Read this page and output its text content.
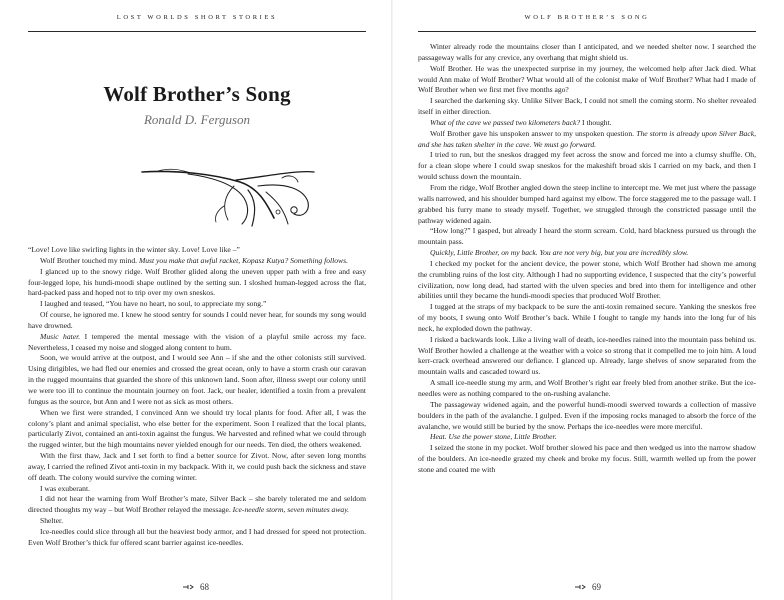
LOST WORLDS SHORT STORIES
Wolf Brother’s Song
Ronald D. Ferguson

“Love! Love like swirling lights in the winter sky. Love! Love like –”

Wolf Brother touched my mind. Must you make that awful racket, Kopasz Kutya? Something follows.

I glanced up to the snowy ridge. Wolf Brother glided along the uneven upper path with a free and easy four-legged lope, his hundi-moodi shape outlined by the setting sun. I sloshed human-legged across the flat, hard-packed pass and hoped not to trip over my own sneskos.

I laughed and teased, “You have no heart, no soul, to appreciate my song.”

Of course, he ignored me. I knew he stood sentry for sounds I could never hear, for sounds my song would have drowned.

Music hater. I tempered the mental message with the vision of a playful smile across my face. Nevertheless, I ceased my noise and slogged along content to hum.

Soon, we would arrive at the outpost, and I would see Ann – if she and the other colonists still survived. Using dirigibles, we had fled our enemies and crossed the great ocean, only to have a storm crash our caravan in the rugged mountains that guarded the shore of this unknown land. Soon after, illness swept our colony until we were too ill to continue the mountain journey on foot. Jack, our healer, identified a toxin from a prevalent fungus as the source, but Ann and I were not as sick as most others.

When we first were stranded, I convinced Ann we should try local plants for food. After all, I was the colony’s plant and animal specialist, who else better for the experiment. Soon I realized that the local plants, particularly Zivot, contained an anti-toxin against the fungus. We harvested and refined what we could through the rugged winter, but the high mountains never yielded enough for our needs. Ten died, the others weakened.

With the first thaw, Jack and I set forth to find a better source for Zivot. Now, after seven long months away, I carried the refined Zivot anti-toxin in my backpack. With it, we could push back the sickness and stave off death. The colony would survive the coming winter.

I was exuberant.

I did not hear the warning from Wolf Brother’s mate, Silver Back – she barely tolerated me and seldom directed thoughts my way – but Wolf Brother relayed the message. Ice-needle storm, seven minutes away.

Shelter.

Ice-needles could slice through all but the heaviest body armor, and I had dressed for speed not protection. Even Wolf Brother’s thick fur offered scant barrier against ice-needles.

68
WOLF BROTHER’S SONG

Winter already rode the mountains closer than I anticipated, and we needed shelter now. I searched the passageway walls for any crevice, any overhang that might shield us.

Wolf Brother. He was the unexpected surprise in my journey, the welcomed help after Jack died. What would Ann make of Wolf Brother? What would all of the colonist make of Wolf Brother? What had I made of Wolf Brother when we first met five months ago?

I searched the darkening sky. Unlike Silver Back, I could not smell the coming storm. No shelter revealed itself in either direction.

What of the cave we passed two kilometers back? I thought.

Wolf Brother gave his unspoken answer to my unspoken question. The storm is already upon Silver Back, and she has taken shelter in the cave. We must go forward.

I tried to run, but the sneskos dragged my feet across the snow and forced me into a clumsy shuffle. Oh, for a clean slope where I could swap sneskos for the makeshift broad skis I carried on my back, and then I would schuss down the mountain.

From the ridge, Wolf Brother angled down the steep incline to intercept me. We met just where the passage walls narrowed, and his shoulder bumped hard against my elbow. The force staggered me to the passage wall. I grabbed his furry mane to steady myself. Together, we struggled through the constricted passage until the pathway widened again.

“How long?” I gasped, but already I heard the storm scream. Cold, hard blackness pursued us through the mountain pass.

Quickly, Little Brother, on my back. You are not very big, but you are incredibly slow.

I checked my pocket for the ancient device, the power stone, which Wolf Brother had shown me among the crumbling ruins of the lost city. Although I had no supporting evidence, I suspected that the city’s powerful civilization, now long dead, had started with the ulven species and bred into them for intelligence and other abilities until they became the hundi-moodi species that produced Wolf Brother.

I tugged at the straps of my backpack to be sure the anti-toxin remained secure. Yanking the sneskos free of my boots, I swung onto Wolf Brother’s back. While I fought to tangle my hands into the long fur of his neck, he exploded down the pathway.

I risked a backwards look. Like a living wall of death, ice-needles rained into the mountain pass behind us. Wolf Brother howled a challenge at the weather with a voice so strong that it compelled me to join him. A loud kerr-crack overhead answered our defiance. I glanced up. Already, large shelves of snow separated from the mountain walls and cascaded toward us.

A small ice-needle stung my arm, and Wolf Brother’s right ear freely bled from another strike. But the ice-needles were as nothing compared to the on-rushing avalanche.

The passageway widened again, and the powerful hundi-moodi swerved towards a collection of massive boulders in the path of the avalanche. I gulped. Even if the imposing rocks managed to absorb the force of the avalanche, we would still be buried by the snow. Perhaps the ice-needles were more merciful.

Heat. Use the power stone, Little Brother.

I seized the stone in my pocket. Wolf brother slowed his pace and then wedged us into the narrow shadow of the boulders. An ice-needle grazed my cheek and broke my focus. Still, warmth welled up from the power stone and coated me with

69
